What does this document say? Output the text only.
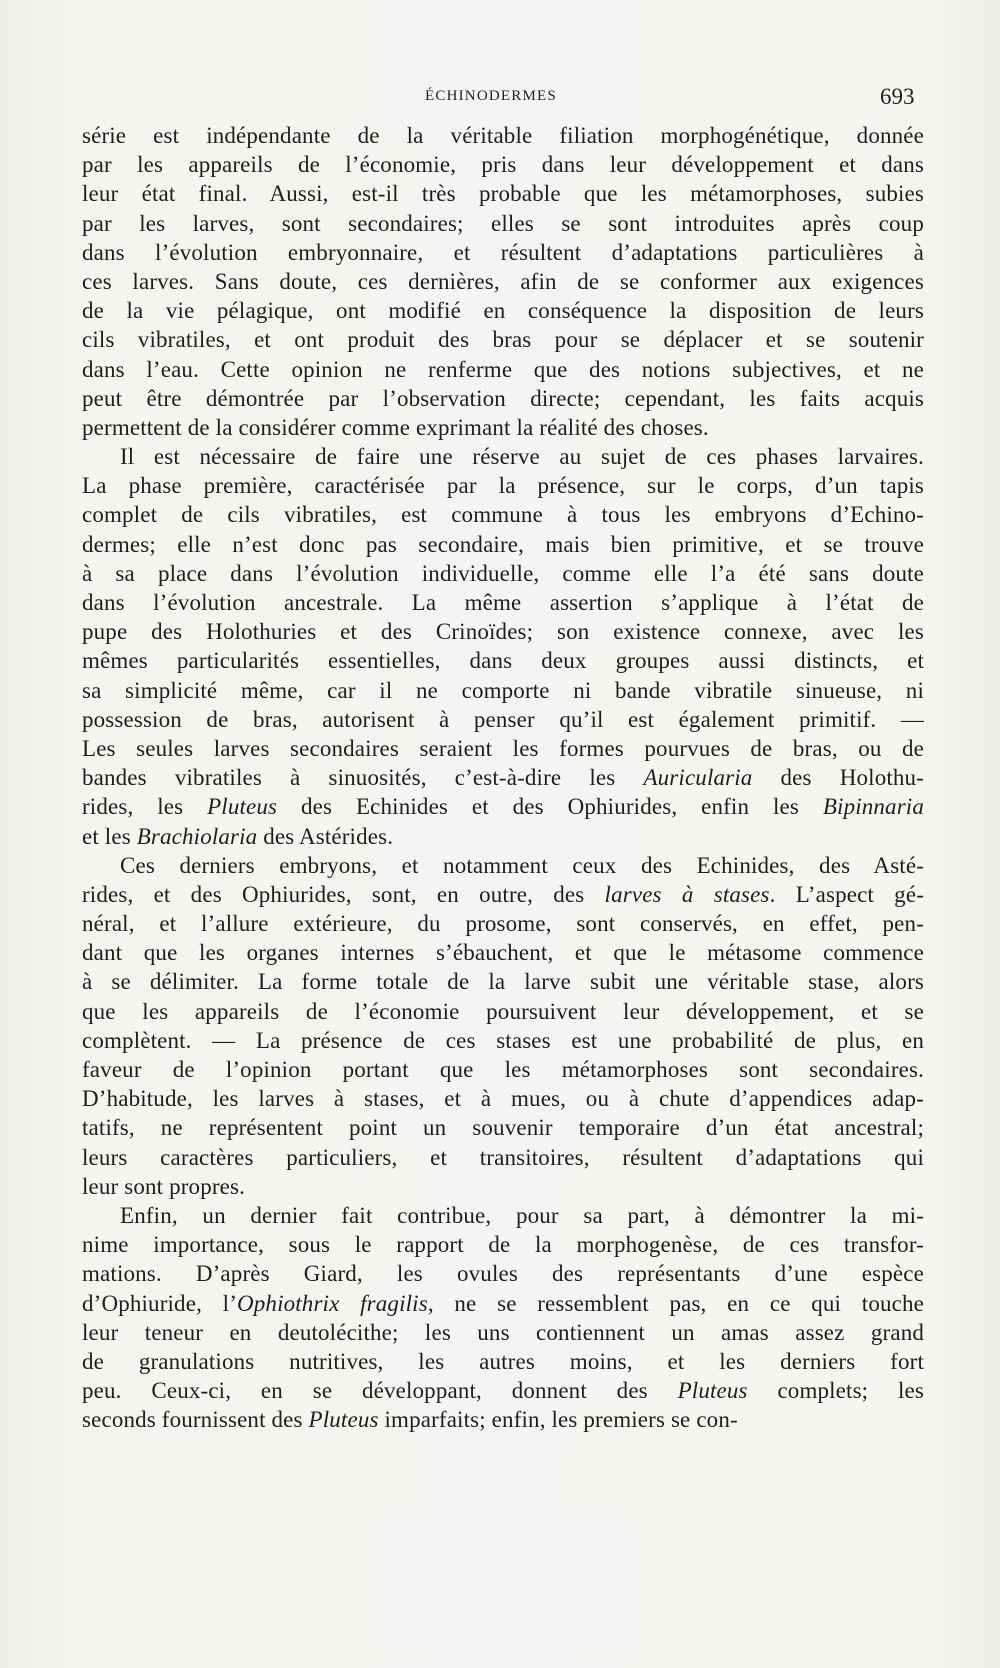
ÉCHINODERMES	693
série est indépendante de la véritable filiation morphogénétique, donnée
par les appareils de l’économie, pris dans leur développement et dans
leur état final. Aussi, est-il très probable que les métamorphoses, subies
par les larves, sont secondaires; elles se sont introduites après coup
dans l’évolution embryonnaire, et résultent d’adaptations particulières à
ces larves. Sans doute, ces dernières, afin de se conformer aux exigences
de la vie pélagique, ont modifié en conséquence la disposition de leurs
cils vibratiles, et ont produit des bras pour se déplacer et se soutenir
dans l’eau. Cette opinion ne renferme que des notions subjectives, et ne
peut être démontrée par l’observation directe; cependant, les faits acquis
permettent de la considérer comme exprimant la réalité des choses.
Il est nécessaire de faire une réserve au sujet de ces phases larvaires.
La phase première, caractérisée par la présence, sur le corps, d’un tapis
complet de cils vibratiles, est commune à tous les embryons d’Echino-
dermes; elle n’est donc pas secondaire, mais bien primitive, et se trouve
à sa place dans l’évolution individuelle, comme elle l’a été sans doute
dans l’évolution ancestrale. La même assertion s’applique à l’état de
pupe des Holothuries et des Crinoïdes; son existence connexe, avec les
mêmes particularités essentielles, dans deux groupes aussi distincts, et
sa simplicité même, car il ne comporte ni bande vibratile sinueuse, ni
possession de bras, autorisent à penser qu’il est également primitif. —
Les seules larves secondaires seraient les formes pourvues de bras, ou de
bandes vibratiles à sinuosités, c’est-à-dire les Auricularia des Holothu-
rides, les Pluteus des Echinides et des Ophiurides, enfin les Bipinnaria
et les Brachiolaria des Astérides.
Ces derniers embryons, et notamment ceux des Echinides, des Asté-
rides, et des Ophiurides, sont, en outre, des larves à stases. L’aspect gé-
néral, et l’allure extérieure, du prosome, sont conservés, en effet, pen-
dant que les organes internes s’ébauchent, et que le métasome commence
à se délimiter. La forme totale de la larve subit une véritable stase, alors
que les appareils de l’économie poursuivent leur développement, et se
complètent. — La présence de ces stases est une probabilité de plus, en
faveur de l’opinion portant que les métamorphoses sont secondaires.
D’habitude, les larves à stases, et à mues, ou à chute d’appendices adap-
tatifs, ne représentent point un souvenir temporaire d’un état ancestral;
leurs caractères particuliers, et transitoires, résultent d’adaptations qui
leur sont propres.
Enfin, un dernier fait contribue, pour sa part, à démontrer la mi-
nime importance, sous le rapport de la morphogenèse, de ces transfor-
mations. D’après Giard, les ovules des représentants d’une espèce
d’Ophiuride, l’Ophiothrix fragilis, ne se ressemblent pas, en ce qui touche
leur teneur en deutolécithe; les uns contiennent un amas assez grand
de granulations nutritives, les autres moins, et les derniers fort
peu. Ceux-ci, en se développant, donnent des Pluteus complets; les
seconds fournissent des Pluteus imparfaits; enfin, les premiers se con-
